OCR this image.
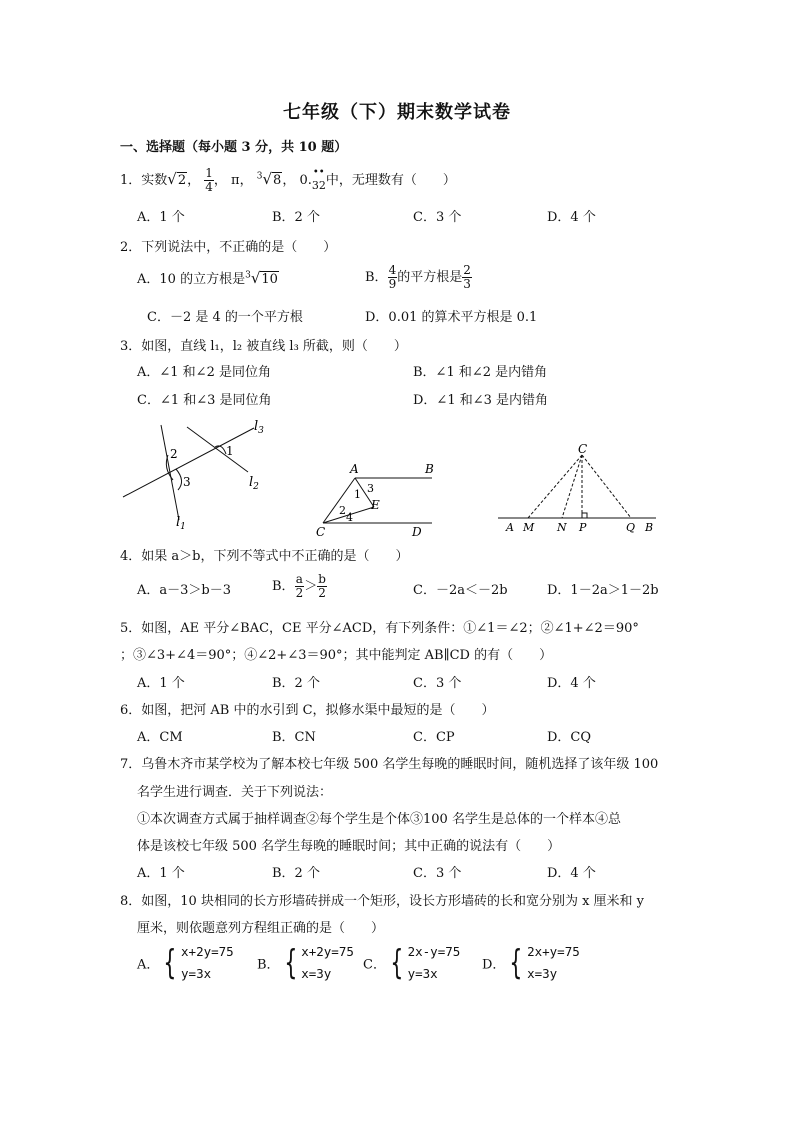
七年级（下）期末数学试卷
一、选择题（每小题 3 分，共 10 题）
1．实数√2， $\frac{1}{4}$ ， π， $^3$√8， 0.
••
32中，无理数有（　　）
A．1 个	B．2 个	C．3 个	D．4 个
2．下列说法中，不正确的是（　　）
A．10 的立方根是$^3$√10	B． $\frac{4}{9}$ 的平方根是 $\frac{2}{3}$
C．－2 是 4 的一个平方根	D．0.01 的算术平方根是 0.1
3．如图，直线 l₁，l₂ 被直线 l₃ 所截，则（　　）
A．∠1 和∠2 是同位角	B．∠1 和∠2 是内错角
C．∠1 和∠3 是同位角	D．∠1 和∠3 是内错角
$l_3$
$l_2$
$l_1$
1
2
3
A	B
C	D
E
1
2
3
4
C
A M N P	Q B
4．如果 a＞b，下列不等式中不正确的是（　　）
A．a－3＞b－3	B． $\frac{a}{2} > \frac{b}{2}$	C．－2a＜－2b	D．1－2a＞1－2b
5．如图，AE 平分∠BAC，CE 平分∠ACD，有下列条件：①∠1＝∠2；②∠1+∠2＝90°
；③∠3+∠4＝90°；④∠2+∠3＝90°；其中能判定 AB∥CD 的有（　　）
A．1 个	B．2 个	C．3 个	D．4 个
6．如图，把河 AB 中的水引到 C，拟修水渠中最短的是（　　）
A．CM	B．CN	C．CP	D．CQ
7．乌鲁木齐市某学校为了解本校七年级 500 名学生每晚的睡眠时间，随机选择了该年级 100
名学生进行调查．关于下列说法：
①本次调查方式属于抽样调查②每个学生是个体③100 名学生是总体的一个样本④总
体是该校七年级 500 名学生每晚的睡眠时间；其中正确的说法有（　　）
A．1 个	B．2 个	C．3 个	D．4 个
8．如图，10 块相同的长方形墙砖拼成一个矩形，设长方形墙砖的长和宽分别为 x 厘米和 y
厘米，则依题意列方程组正确的是（　　）
A． { x+2y=75
y=3x
B． { x+2y=75
x=3y
C． { 2x-y=75
y=3x
D． { 2x+y=75
x=3y
